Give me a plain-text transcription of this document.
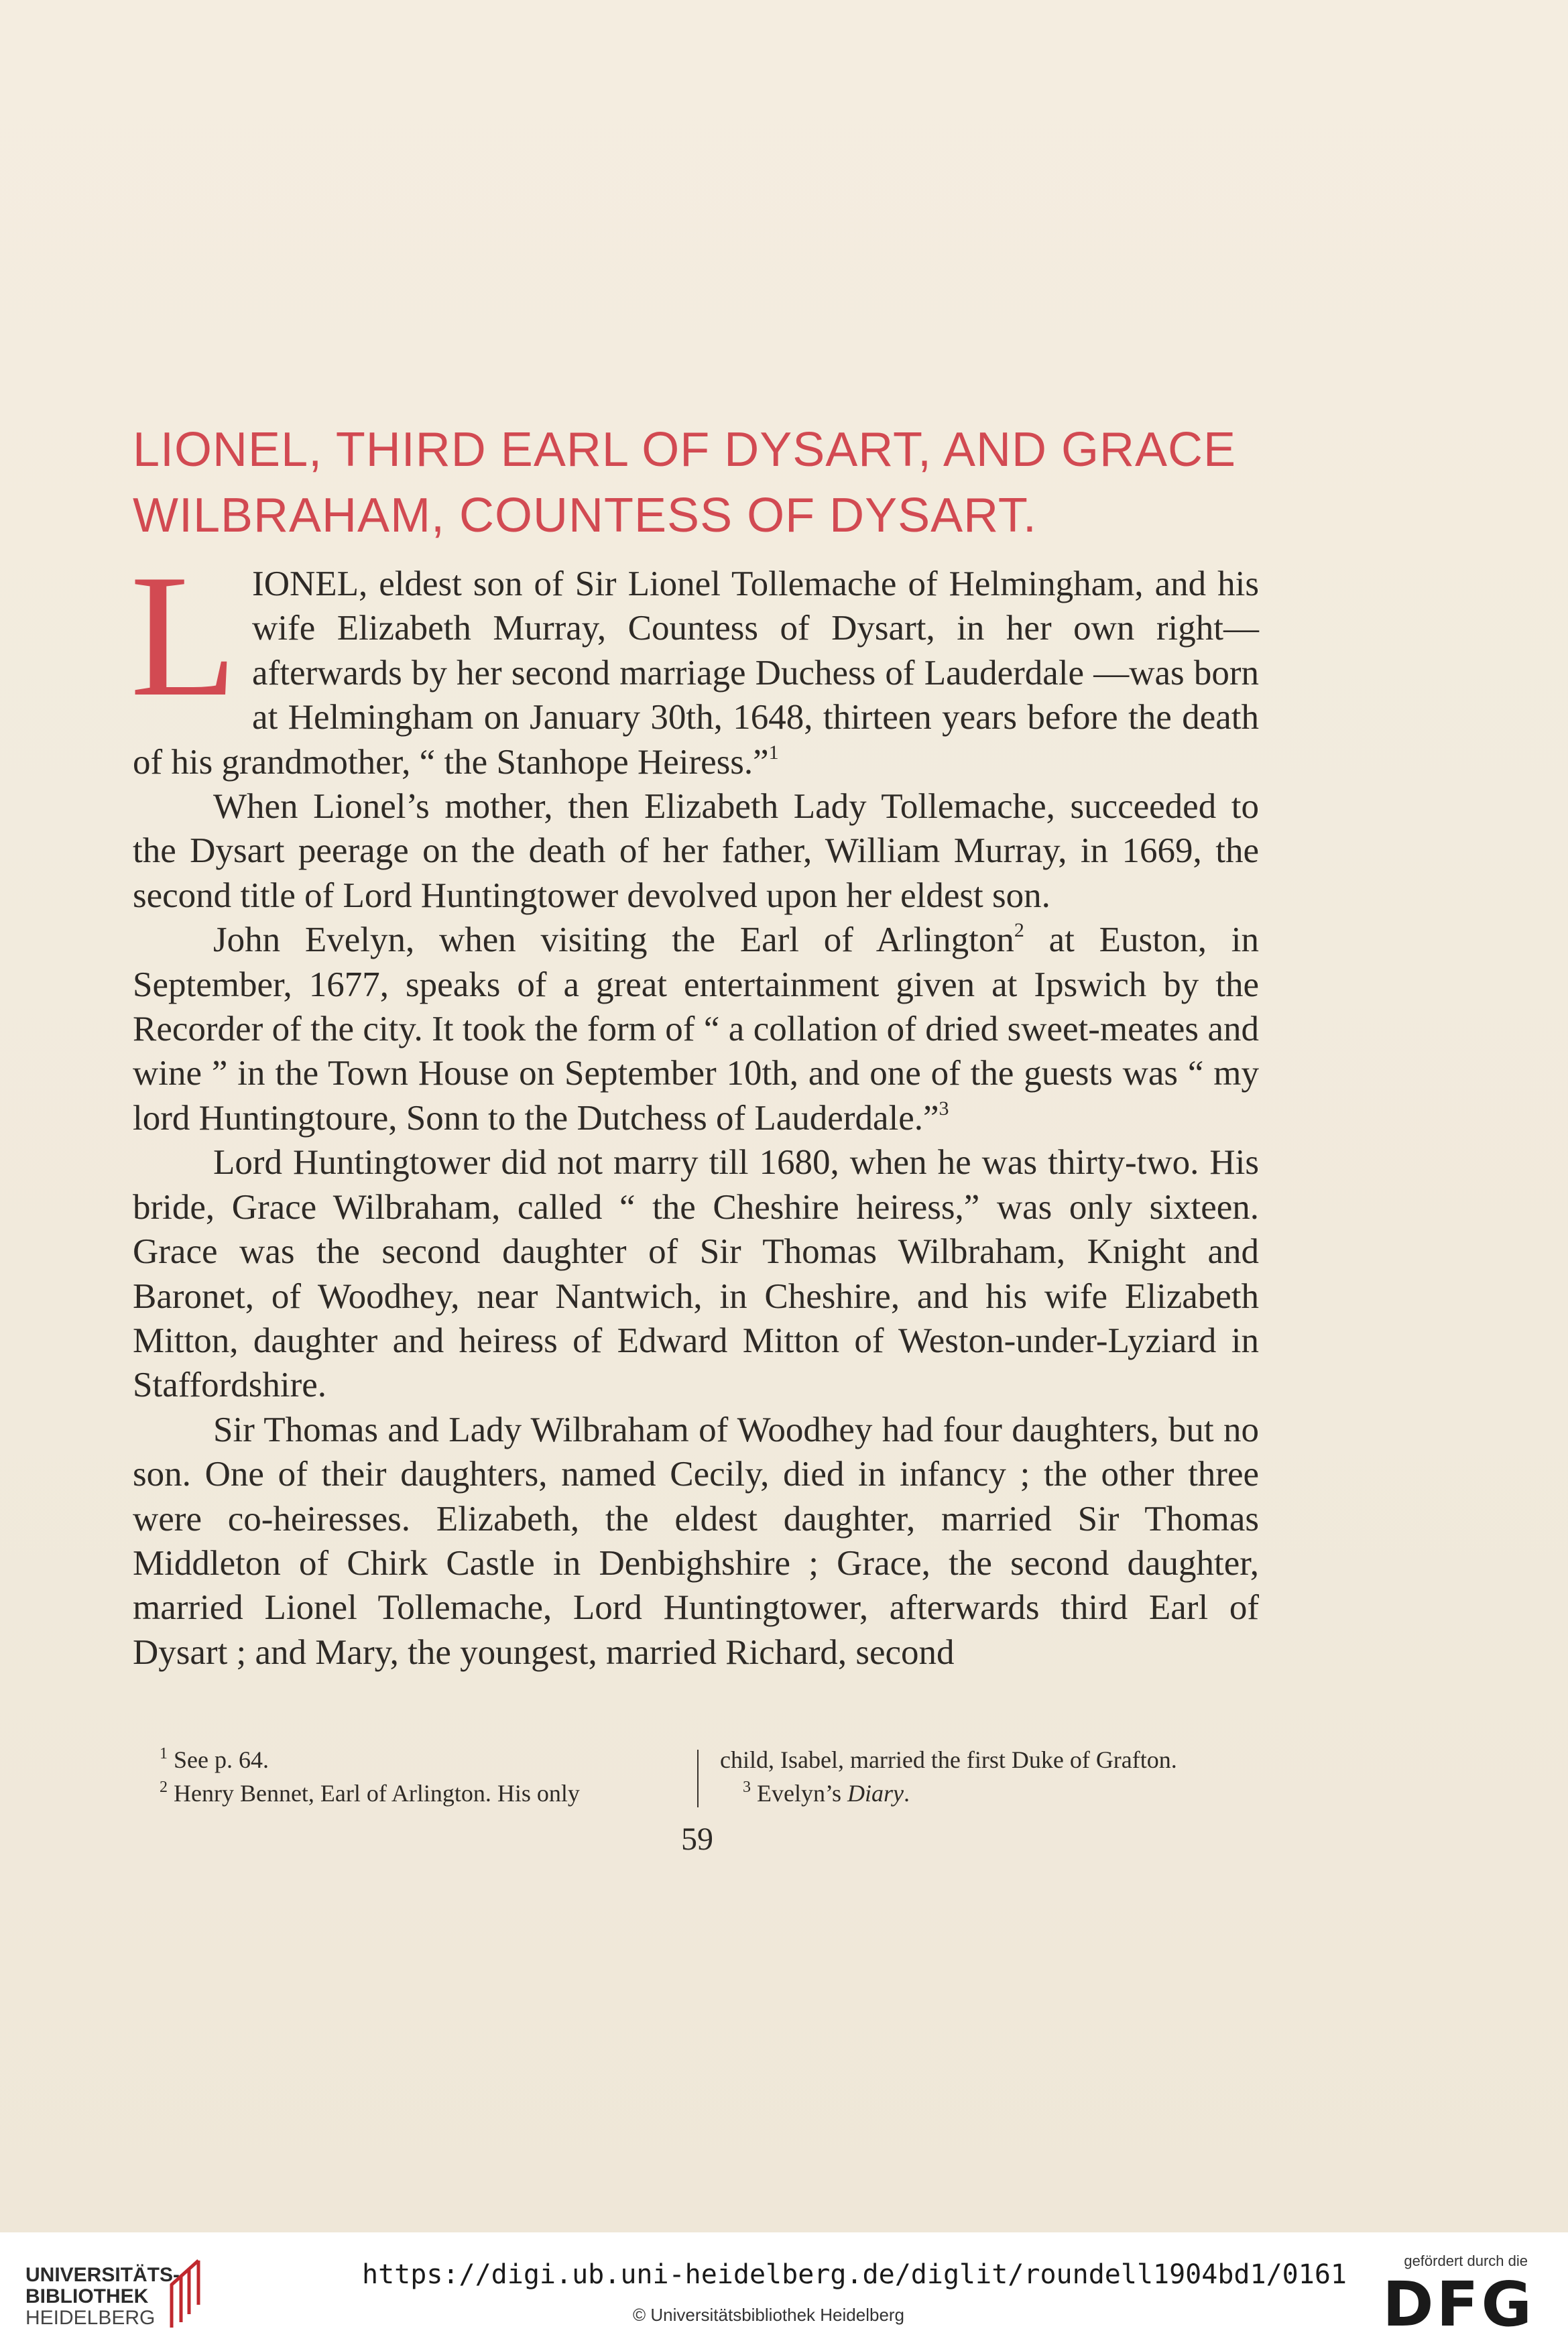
LIONEL, THIRD EARL OF DYSART, AND GRACE
WILBRAHAM, COUNTESS OF DYSART.

LIONEL, eldest son of Sir Lionel Tollemache of Helmingham, and his wife Elizabeth Murray, Countess of Dysart, in her own right—afterwards by her second marriage Duchess of Lauderdale —was born at Helmingham on January 30th, 1648, thirteen years before the death of his grandmother, “ the Stanhope Heiress.”$^1$

When Lionel’s mother, then Elizabeth Lady Tollemache, succeeded to the Dysart peerage on the death of her father, William Murray, in 1669, the second title of Lord Huntingtower devolved upon her eldest son.

John Evelyn, when visiting the Earl of Arlington$^2$ at Euston, in September, 1677, speaks of a great entertainment given at Ipswich by the Recorder of the city. It took the form of “ a collation of dried sweet-meates and wine ” in the Town House on September 10th, and one of the guests was “ my lord Huntingtoure, Sonn to the Dutchess of Lauderdale.”$^3$

Lord Huntingtower did not marry till 1680, when he was thirty-two. His bride, Grace Wilbraham, called “ the Cheshire heiress,” was only sixteen. Grace was the second daughter of Sir Thomas Wilbraham, Knight and Baronet, of Woodhey, near Nantwich, in Cheshire, and his wife Elizabeth Mitton, daughter and heiress of Edward Mitton of Weston-under-Lyziard in Staffordshire.

Sir Thomas and Lady Wilbraham of Woodhey had four daughters, but no son. One of their daughters, named Cecily, died in infancy ; the other three were co-heiresses. Elizabeth, the eldest daughter, married Sir Thomas Middleton of Chirk Castle in Denbighshire ; Grace, the second daughter, married Lionel Tollemache, Lord Huntingtower, afterwards third Earl of Dysart ; and Mary, the youngest, married Richard, second

$^1$ See p. 64.
$^2$ Henry Bennet, Earl of Arlington. His only
child, Isabel, married the first Duke of Grafton.
$^3$ Evelyn’s Diary.
59
UNIVERSITÄTS-
BIBLIOTHEK
HEIDELBERG
https://digi.ub.uni-heidelberg.de/diglit/roundell1904bd1/0161
© Universitätsbibliothek Heidelberg
gefördert durch die
DFG
